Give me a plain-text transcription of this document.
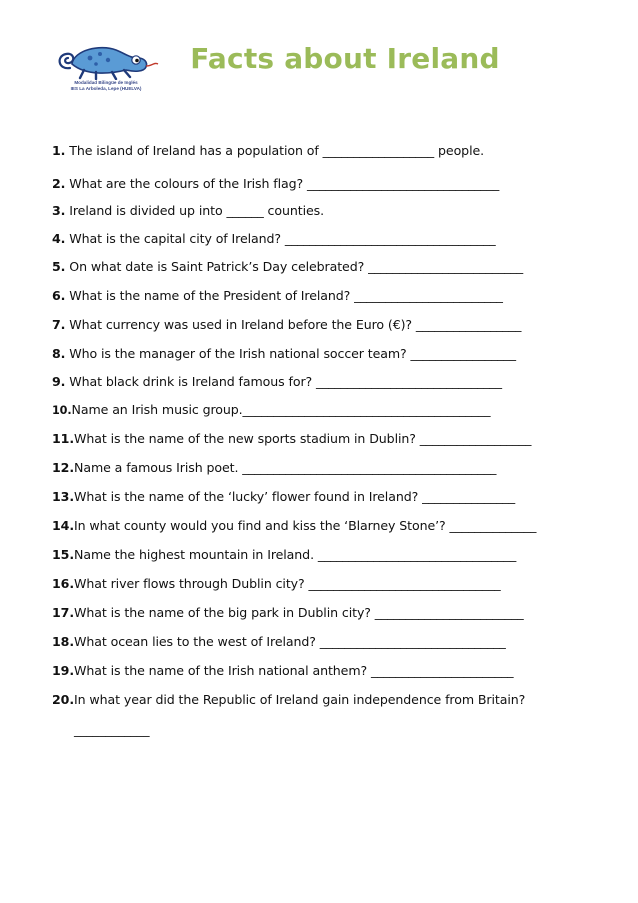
Modalidad Bilingüe de Inglés
IES La Arboleda, Lepe (HUELVA)
Facts about Ireland
1. The island of Ireland has a population of __________________ people.
2. What are the colours of the Irish flag? _______________________________
3. Ireland is divided up into ______ counties.
4. What is the capital city of Ireland? __________________________________
5. On what date is Saint Patrick’s Day celebrated? _________________________
6. What is the name of the President of Ireland? ________________________
7. What currency was used in Ireland before the Euro (€)? _________________
8. Who is the manager of the Irish national soccer team? _________________
9. What black drink is Ireland famous for? ______________________________
10.Name an Irish music group.________________________________________
11.What is the name of the new sports stadium in Dublin? __________________
12.Name a famous Irish poet. _________________________________________
13.What is the name of the ‘lucky’ flower found in Ireland? _______________
14.In what county would you find and kiss the ‘Blarney Stone’? ______________
15.Name the highest mountain in Ireland. ________________________________
16.What river flows through Dublin city? _______________________________
17.What is the name of the big park in Dublin city? ________________________
18.What ocean lies to the west of Ireland? ______________________________
19.What is the name of the Irish national anthem? _______________________
20.In what year did the Republic of Ireland gain independence from Britain?
____________
